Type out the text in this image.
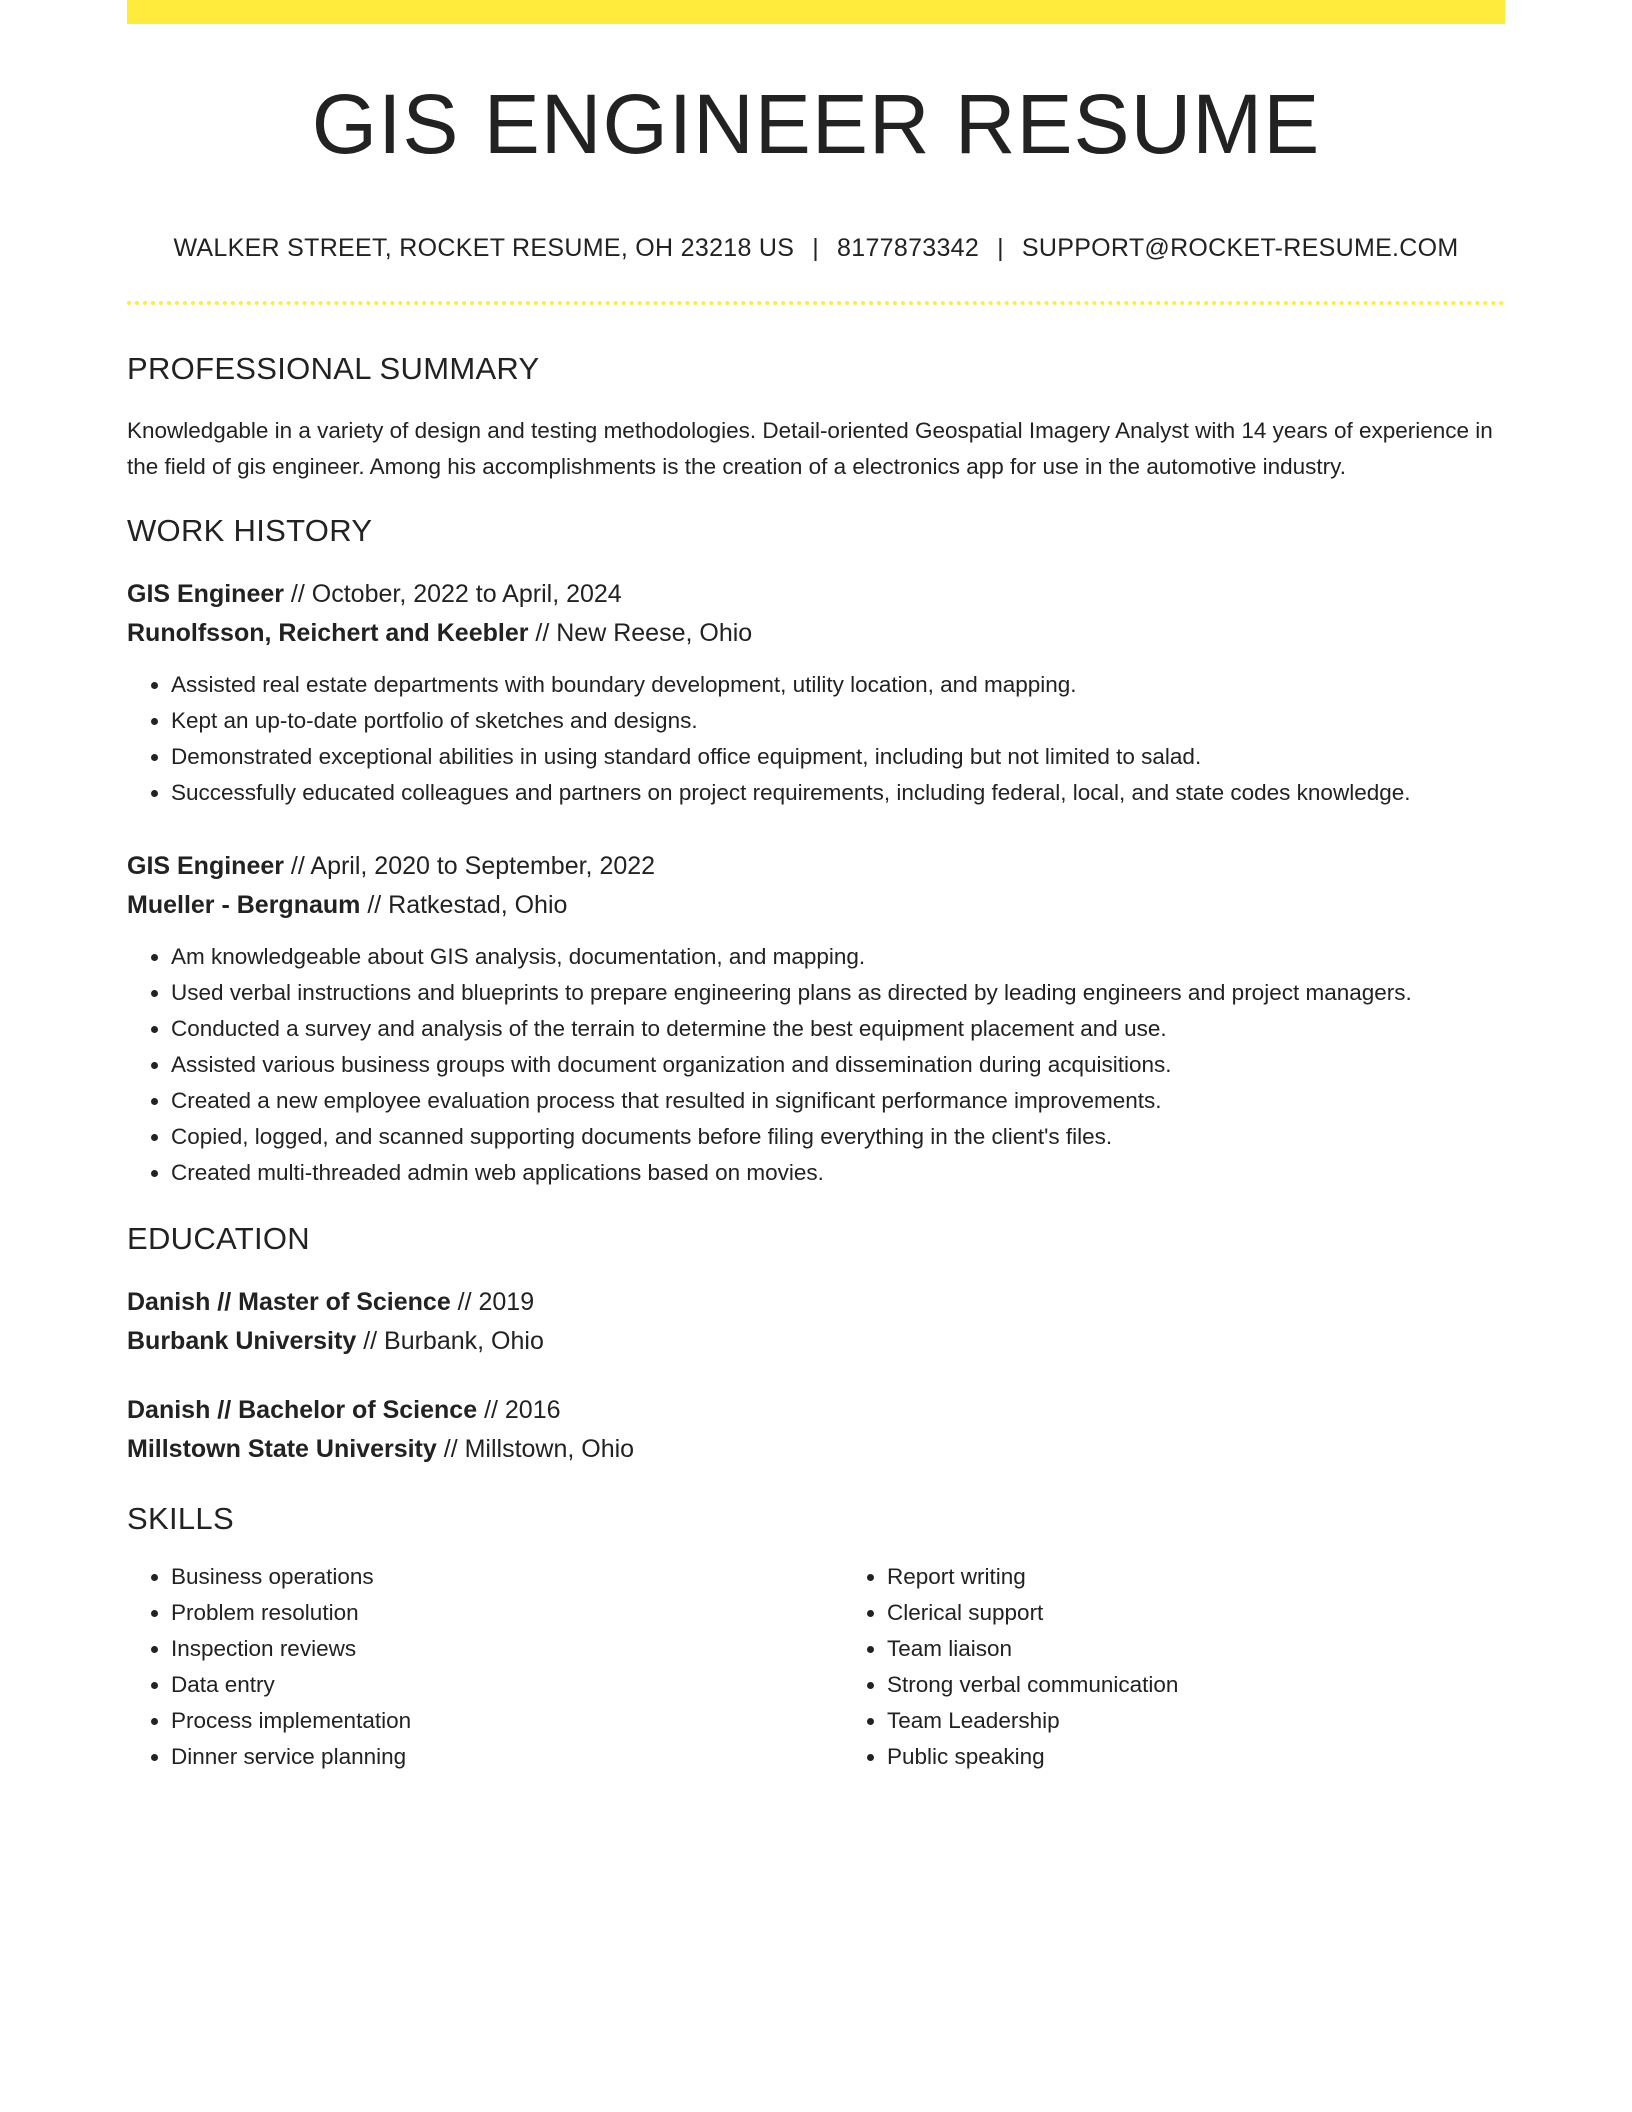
GIS ENGINEER RESUME
WALKER STREET, ROCKET RESUME, OH 23218 US | 8177873342 | SUPPORT@ROCKET-RESUME.COM
PROFESSIONAL SUMMARY
Knowledgable in a variety of design and testing methodologies. Detail-oriented Geospatial Imagery Analyst with 14 years of experience in the field of gis engineer. Among his accomplishments is the creation of a electronics app for use in the automotive industry.
WORK HISTORY
GIS Engineer // October, 2022 to April, 2024
Runolfsson, Reichert and Keebler // New Reese, Ohio
• Assisted real estate departments with boundary development, utility location, and mapping.
• Kept an up-to-date portfolio of sketches and designs.
• Demonstrated exceptional abilities in using standard office equipment, including but not limited to salad.
• Successfully educated colleagues and partners on project requirements, including federal, local, and state codes knowledge.
GIS Engineer // April, 2020 to September, 2022
Mueller - Bergnaum // Ratkestad, Ohio
• Am knowledgeable about GIS analysis, documentation, and mapping.
• Used verbal instructions and blueprints to prepare engineering plans as directed by leading engineers and project managers.
• Conducted a survey and analysis of the terrain to determine the best equipment placement and use.
• Assisted various business groups with document organization and dissemination during acquisitions.
• Created a new employee evaluation process that resulted in significant performance improvements.
• Copied, logged, and scanned supporting documents before filing everything in the client's files.
• Created multi-threaded admin web applications based on movies.
EDUCATION
Danish // Master of Science // 2019
Burbank University // Burbank, Ohio
Danish // Bachelor of Science // 2016
Millstown State University // Millstown, Ohio
SKILLS
• Business operations
• Problem resolution
• Inspection reviews
• Data entry
• Process implementation
• Dinner service planning
• Report writing
• Clerical support
• Team liaison
• Strong verbal communication
• Team Leadership
• Public speaking
